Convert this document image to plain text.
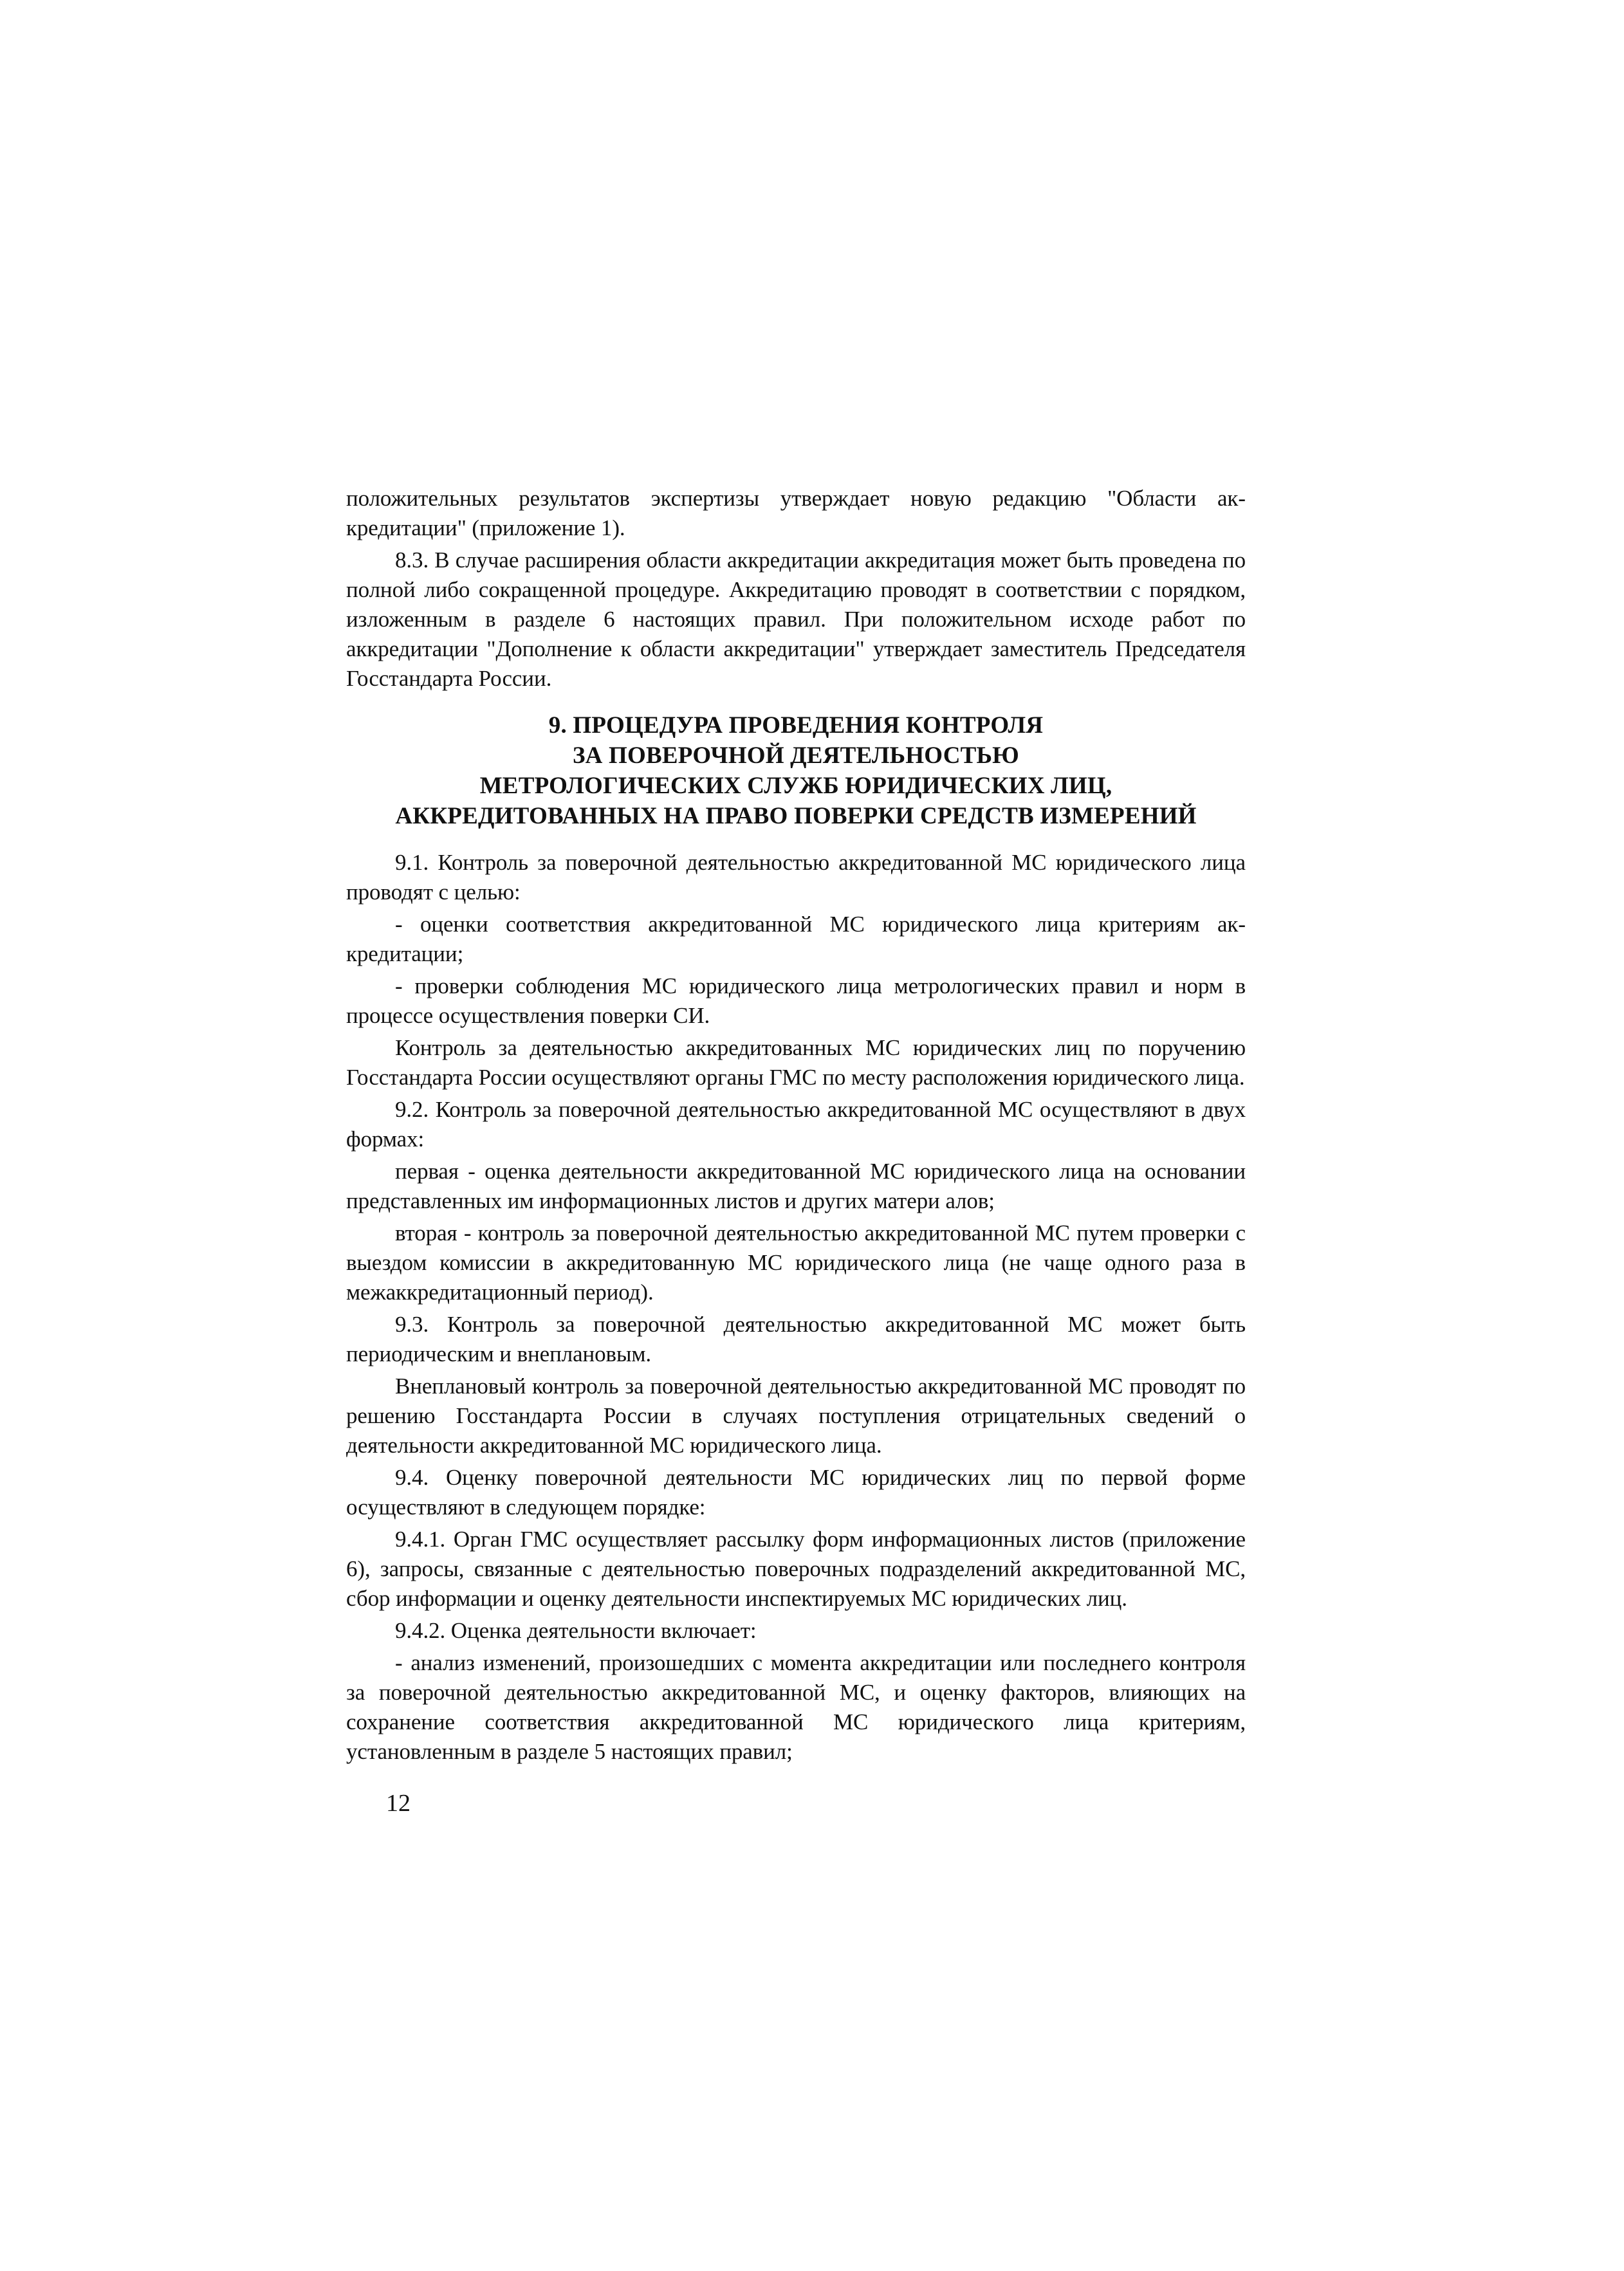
положительных результатов экспертизы утверждает новую редакцию "Области аккредитации" (приложение 1).

8.3. В случае расширения области аккредитации аккредитация может быть проведена по полной либо сокращенной процедуре. Аккредитацию проводят в соответствии с порядком, изложенным в разделе 6 настоящих правил. При положительном исходе работ по аккредитации "Дополнение к области аккредитации" утверждает заместитель Председателя Госстандарта России.

9. ПРОЦЕДУРА ПРОВЕДЕНИЯ КОНТРОЛЯ

ЗА ПОВЕРОЧНОЙ ДЕЯТЕЛЬНОСТЬЮ

МЕТРОЛОГИЧЕСКИХ СЛУЖБ ЮРИДИЧЕСКИХ ЛИЦ,

АККРЕДИТОВАННЫХ НА ПРАВО ПОВЕРКИ СРЕДСТВ ИЗМЕРЕНИЙ

9.1. Контроль за поверочной деятельностью аккредитованной МС юридического лица проводят с целью:

- оценки соответствия аккредитованной МС юридического лица критериям аккредитации;

- проверки соблюдения МС юридического лица метрологических правил и норм в процессе осуществления поверки СИ.

Контроль за деятельностью аккредитованных МС юридических лиц по поручению Госстандарта России осуществляют органы ГМС по месту расположения юридического лица.

9.2. Контроль за поверочной деятельностью аккредитованной МС осуществляют в двух формах:

первая - оценка деятельности аккредитованной МС юридического лица на основании представленных им информационных листов и других матери алов;

вторая - контроль за поверочной деятельностью аккредитованной МС путем проверки с выездом комиссии в аккредитованную МС юридического лица (не чаще одного раза в межаккредитационный период).

9.3. Контроль за поверочной деятельностью аккредитованной МС может быть периодическим и внеплановым.

Внеплановый контроль за поверочной деятельностью аккредитованной МС проводят по решению Госстандарта России в случаях поступления отрицательных сведений о деятельности аккредитованной МС юридического лица.

9.4. Оценку поверочной деятельности МС юридических лиц по первой форме осуществляют в следующем порядке:

9.4.1. Орган ГМС осуществляет рассылку форм информационных листов (приложение 6), запросы, связанные с деятельностью поверочных подразделений аккредитованной МС, сбор информации и оценку деятельности инспектируемых МС юридических лиц.

9.4.2. Оценка деятельности включает:

- анализ изменений, произошедших с момента аккредитации или последнего контроля за поверочной деятельностью аккредитованной МС, и оценку факторов, влияющих на сохранение соответствия аккредитованной МС юридического лица критериям, установленным в разделе 5 настоящих правил;

12
